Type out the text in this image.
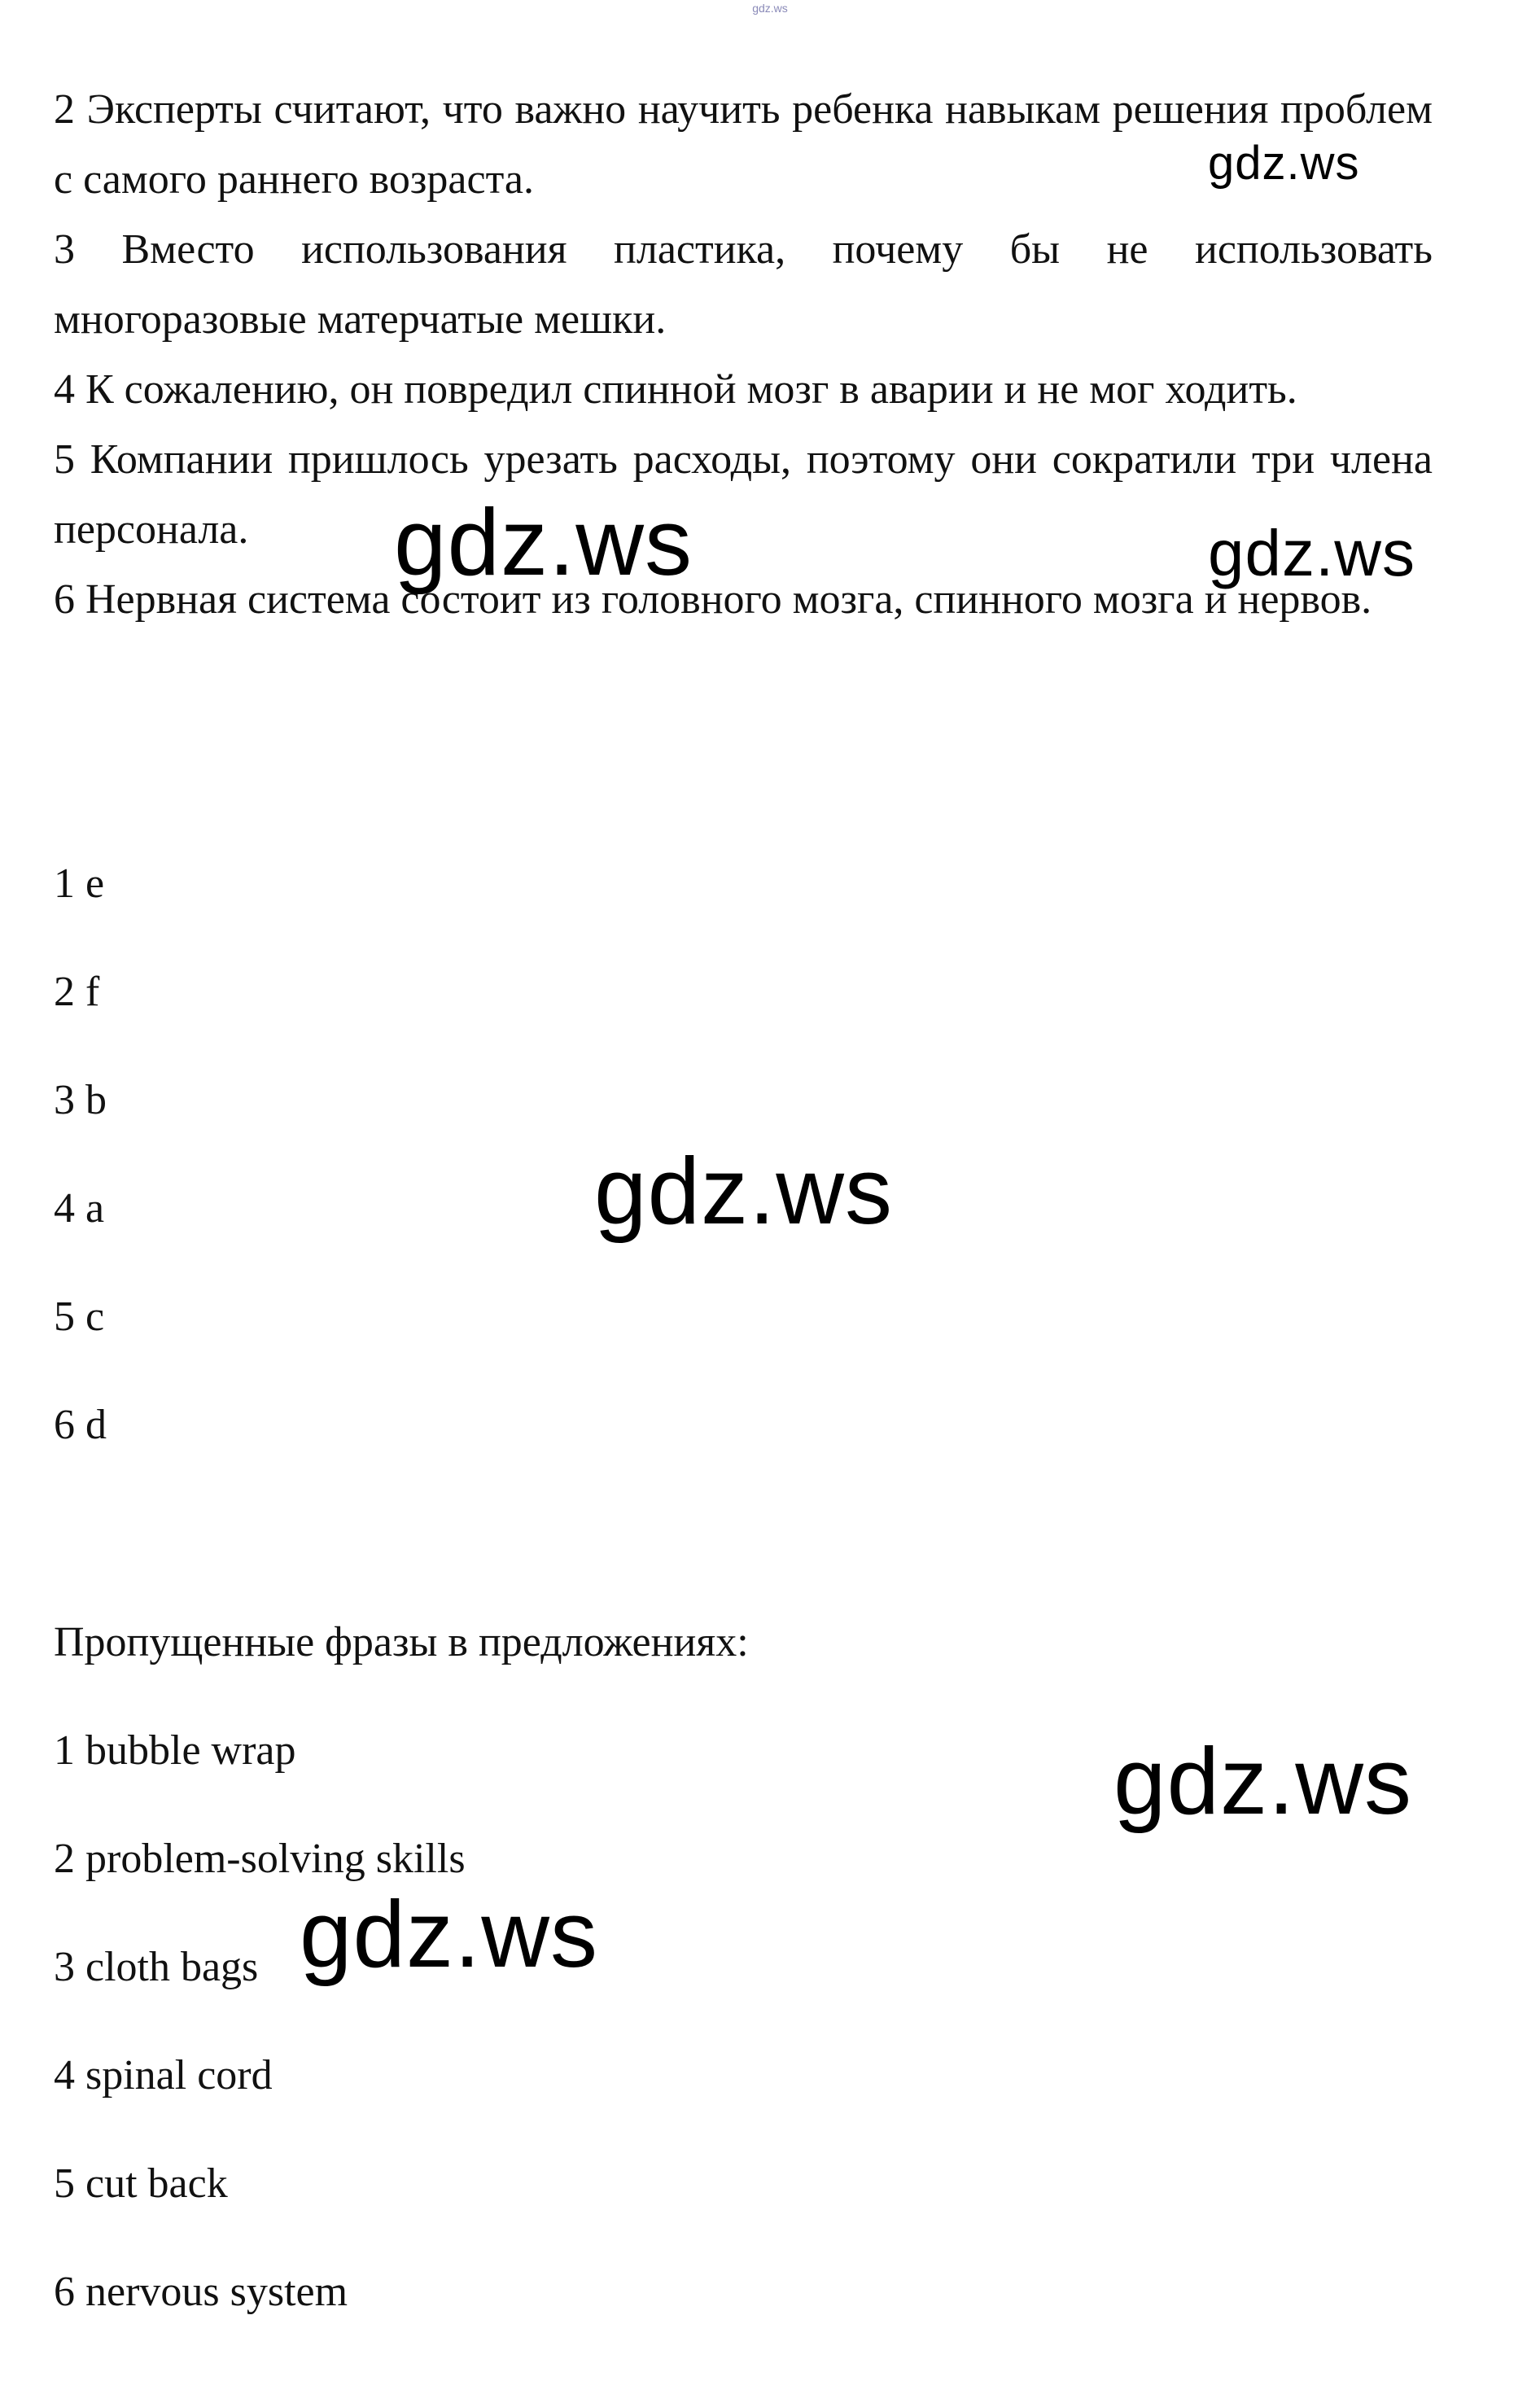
gdz.ws

2 Эксперты считают, что важно научить ребенка навыкам решения проблем с самого раннего возраста.

3 Вместо использования пластика, почему бы не использовать многоразовые матерчатые мешки.

4 К сожалению, он повредил спинной мозг в аварии и не мог ходить.

5 Компании пришлось урезать расходы, поэтому они сократили три члена персонала.

6 Нервная система состоит из головного мозга, спинного мозга и нервов.

1 e
2 f
3 b
4 a
5 c
6 d
Пропущенные фразы в предложениях:
1 bubble wrap
2 problem-solving skills
3 cloth bags
4 spinal cord
5 cut back
6 nervous system
gdz.ws
gdz.ws
gdz.ws
gdz.ws
gdz.ws
gdz.ws
